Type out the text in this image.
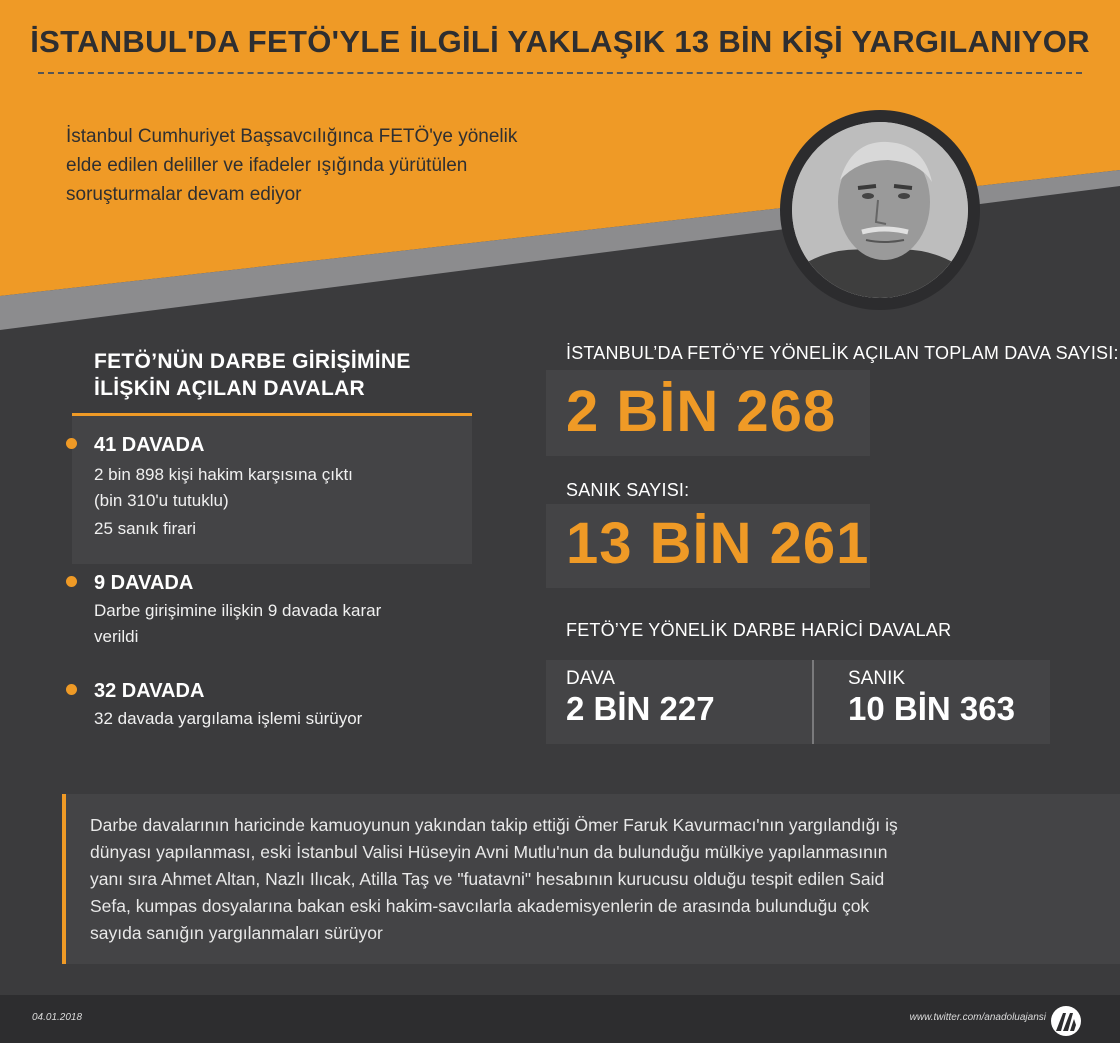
İSTANBUL'DA FETÖ'YLE İLGİLİ YAKLAŞIK 13 BİN KİŞİ YARGILANIYOR
İstanbul Cumhuriyet Başsavcılığınca FETÖ'ye yönelik
elde edilen deliller ve ifadeler ışığında yürütülen
soruşturmalar devam ediyor
FETÖ’NÜN DARBE GİRİŞİMİNE
İLİŞKİN AÇILAN DAVALAR
41 DAVADA
2 bin 898 kişi hakim karşısına çıktı
(bin 310'u tutuklu)
25 sanık firari
9 DAVADA
Darbe girişimine ilişkin 9 davada karar
verildi
32 DAVADA
32 davada yargılama işlemi sürüyor
İSTANBUL’DA FETÖ’YE YÖNELİK AÇILAN TOPLAM DAVA SAYISI:
2 BİN 268
SANIK SAYISI:
13 BİN 261
FETÖ’YE YÖNELİK DARBE HARİCİ DAVALAR
DAVA
2 BİN 227
SANIK
10 BİN 363
Darbe davalarının haricinde kamuoyunun yakından takip ettiği Ömer Faruk Kavurmacı'nın yargılandığı iş
dünyası yapılanması, eski İstanbul Valisi Hüseyin Avni Mutlu'nun da bulunduğu mülkiye yapılanmasının
yanı sıra Ahmet Altan, Nazlı Ilıcak, Atilla Taş ve "fuatavni" hesabının kurucusu olduğu tespit edilen Said
Sefa, kumpas dosyalarına bakan eski hakim-savcılarla akademisyenlerin de arasında bulunduğu çok
sayıda sanığın yargılanmaları sürüyor
04.01.2018	www.twitter.com/anadoluajansi
